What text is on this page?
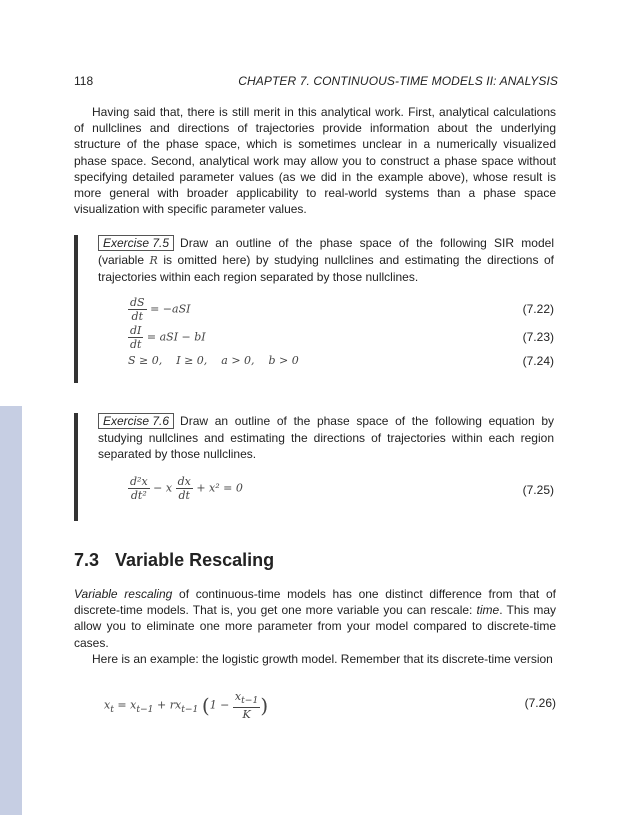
118	CHAPTER 7. CONTINUOUS-TIME MODELS II: ANALYSIS

Having said that, there is still merit in this analytical work. First, analytical calculations of nullclines and directions of trajectories provide information about the underlying structure of the phase space, which is sometimes unclear in a numerically visualized phase space. Second, analytical work may allow you to construct a phase space without specifying detailed parameter values (as we did in the example above), whose result is more general with broader applicability to real-world systems than a phase space visualization with specific parameter values.

Exercise 7.5 Draw an outline of the phase space of the following SIR model (variable R is omitted here) by studying nullclines and estimating the directions of trajectories within each region separated by those nullclines.

$\frac{dS}{dt} = -aSI$	(7.22)
$\frac{dI}{dt}$ = aSI − bI	(7.23)
S ≥ 0,    I ≥ 0,    a > 0,    b > 0	(7.24)

Exercise 7.6 Draw an outline of the phase space of the following equation by studying nullclines and estimating the directions of trajectories within each region separated by those nullclines.

$\frac{\text{d²x}}{\text{dt²}} - x \frac{dx}{dt} + x^2 = 0$	(7.25)
7.3 Variable Rescaling

Variable rescaling of continuous-time models has one distinct difference from that of discrete-time models. That is, you get one more variable you can rescale: time. This may allow you to eliminate one more parameter from your model compared to discrete-time cases.

Here is an example: the logistic growth model. Remember that its discrete-time version

$x_t = x_{t-1} + rx_{t-1}$ ($1 - \frac{x_{t-1}}{K}$ )	(7.26)
